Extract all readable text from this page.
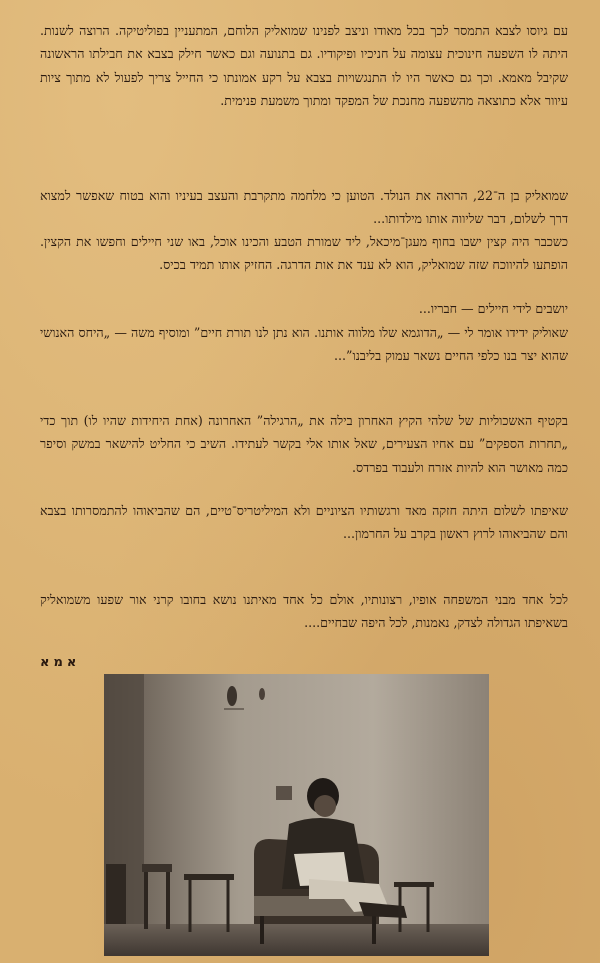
עם גיוסו לצבא התמסר לכך בכל מאודו וניצב לפנינו שמואליק הלוחם, המתעניין בפוליטיקה. הרוצה לשנות. היתה לו השפעה חינוכית עצומה על חניכיו ופיקודיו. גם בתנועה וגם כאשר חילק בצבא את חבילתו הראשונה שקיבל מאמא. וכך גם כאשר היו לו התנגשויות בצבא על רקע אמונתו כי החייל צריך לפעול לא מתוך ציות עיוור אלא כתוצאה מהשפעה מחנכת של המפקד ומתוך משמעת פנימית.

שמואליק בן ה־22, הרואה את הנולד. הטוען כי מלחמה מתקרבת והעצב בעיניו והוא בטוח שאפשר למצוא דרך לשלום, דבר שליווה אותו מילדותו...

כשכבר היה קצין ישבו בחוף מעגן־מיכאל, ליד שמורת הטבע והכינו אוכל, באו שני חיילים וחפשו את הקצין. הופתעו להיווכח שזה שמואליק, הוא לא ענד את אות הדרגה. החזיק אותו תמיד בכיס.

יושבים לידי חיילים — חבריו...

שאוליק ידידו אומר לי — „הדוגמא שלו מלווה אותנו. הוא נתן לנו תורת חיים” ומוסיף משה — „היחס האנושי שהוא יצר בנו כלפי החיים נשאר עמוק בליבנו”...

בקטיף האשכוליות של שלהי הקיץ האחרון בילה את „הרגילה” האחרונה (אחת היחידות שהיו לו) תוך כדי „תחרות הספקים” עם אחיו הצעירים, שאל אותו אלי בקשר לעתידו. השיב כי החליט להישאר במשק וסיפר כמה מאושר הוא להיות אזרח ולעבוד בפרדס.

שאיפתו לשלום היתה חזקה מאד ורגשותיו הציוניים ולא המיליטריס־טיים, הם שהביאוהו להתמסרותו בצבא והם שהביאוהו לרוץ ראשון בקרב על החרמון...

לכל אחד מבני המשפחה אופיו, רצונותיו, אולם כל אחד מאיתנו נושא בחובו קרני אור שפעו משמואליק בשאיפתו הגדולה לצדק, נאמנות, לכל היפה שבחיים....

אמא
